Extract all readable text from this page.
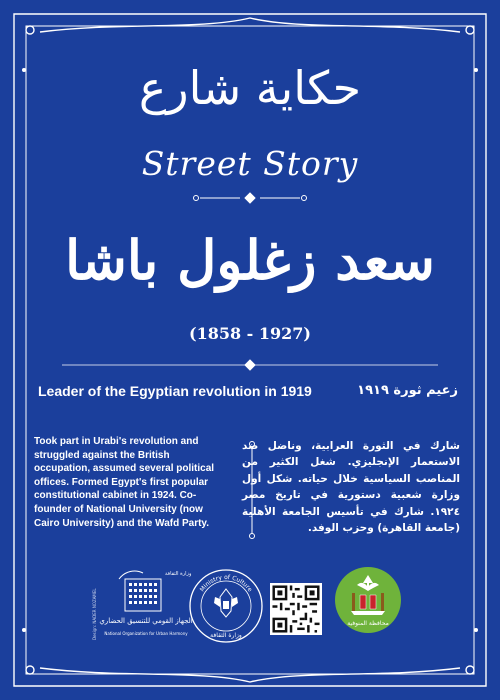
حكاية شارع
Street Story
سعد زغلول باشا
(1858 - 1927)
Leader of the Egyptian revolution in 1919	زعيم ثورة ١٩١٩
Took part in Urabi's revolution and struggled against the British occupation, assumed several political offices. Formed Egypt's first popular constitutional cabinet in 1924. Co-founder of National University (now Cairo University) and the Wafd Party.
شارك في الثورة العرابية، وناضل ضد الاستعمار الإنجليزي. شغل الكثير من المناصب السياسية خلال حياته. شكل أول وزارة شعبية دستورية في تاريخ مصر ١٩٢٤. شارك في تأسيس الجامعة الأهلية (جامعة القاهرة) وحزب الوفد.
Design: NADER NOZAMEL
وزارة الثقافة
الجهاز القومي للتنسيق الحضاري
National Organization for Urban Harmony
Ministry of Culture
وزارة الثقافة
محافظة المنوفية
